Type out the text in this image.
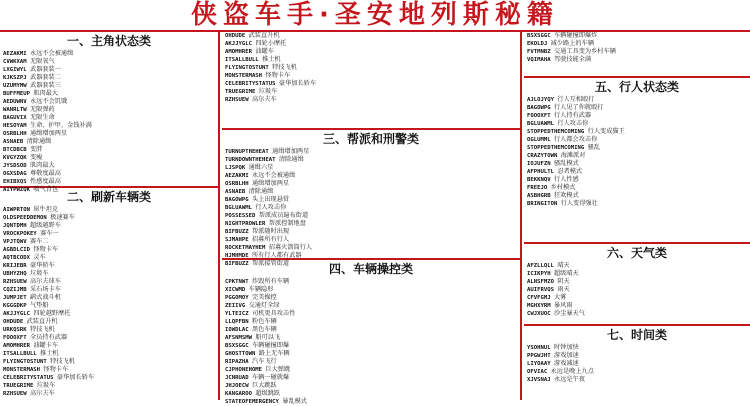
侠盗车手·圣安地列斯秘籍
一、主角状态类
AEZAKMI 永远不会被通缉
CVWKXAM 无限氧气
LXGIWYL 武器套装一
KJKSZPJ 武器套装二
UZUMYMW 武器套装三
BUFFMEUP 肌肉最大
AEDUWNV 永远不会饥饿
WANRLTW 无限弹药
BAGUVIX 无限生命
HESOYAM 生命、护甲、金钱补满
OSRBLHH 通缉增加两星
ASNAEB 清除通缉
BTCDBCB 变胖
KVGYZQK 变瘦
JYSDSOD 肌肉最大
OGXSDAG 尊敬度最高
EHIBXQS 性感度最高
AIYPWZQK 喷气背包
二、刷新车辆类
AIWPRTON 犀牛坦克
OLDSPEEDDEMON 极速赛车
JQNTDMH 超级越野车
VROCKPOKEY 赛车一
VPJTQWV 赛车二
AGBDLCID 怪物卡车
AQTBCODX 灵车
KRIJEBR 豪华轿车
UBHYZHQ 垃圾车
RZHSUEW 高尔夫球车
CQZIJMB 采石场卡车
JUMPJET 鹞式战斗机
KGGGDKP 气垫船
AKJJYGLC 四轮越野摩托
OHDUDE 武装直升机
URKQSRK 特技飞机
FOOOXFT 全员持有武器
AMOMHRER 油罐卡车
ITSALLBULL 推土机
FLYINGTOSTUNT 特技飞机
MONSTERMASH 怪物卡车
CELEBRITYSTATUS 豪华加长轿车
TRUEGRIME 垃圾车
RZHSUEW 高尔夫车
OHDUDE 武装直升机
AKJJYGLC 四轮小摩托
AMOMHRER 油罐车
ITSALLBULL 推土机
FLYINGTOSTUNT 特技飞机
MONSTERMASH 怪物卡车
CELEBRITYSTATUS 豪华加长轿车
TRUEGRIME 垃圾车
RZHSUEW 高尔夫车
三、帮派和刑警类
TURNUPTHEHEAT 通缉增加两星
TURNDOWNTHEHEAT 清除通缉
LJSPQK 通缉六星
AEZAKMI 永远不会被通缉
OSRBLHH 通缉增加两星
ASNAEB 清除通缉
BAGOWPG 头上出现悬赏
BGLUAWML 行人攻击你
POSSESSED 帮派成员遍布街道
NIGHTPROWLER 帮派控制地盘
BIFBUZZ 帮派随时出现
SJMAHPE 招募所有行人
ROCKETMAYHEM 招募火箭筒行人
HJMHMDE 所有行人都有武器
BIFBUZZ 帮派接管街道	四、车辆操控类
CPKTNWT 炸毁所有车辆
XICWMD 车辆隐形
PGGOMOY 完美操控
ZEIIVG 交通灯全绿
YLTEICZ 司机更具攻击性
LLQPFBN 粉色车辆
IOWDLAC 黑色车辆
AFSNMSMW 船可以飞
BSXSGGC 车辆碰撞即爆
GHOSTTOWN 路上无车辆
RIPAZHA 汽车飞行
CJPHONEHOME 巨大弹跳
JCNRUAD 车辆一碰就爆
JHJOECW 巨大跳跃
KANGAROO 超级跳跃
STATEOFEMERGENCY 暴乱模式
BSXSGGC 车辆碰撞即爆炸
EKOLDJ 减少路上的车辆
FVTMNBZ 交通工具变为乡村车辆
VQIMAHA 驾驶技能全满
五、行人状态类
AJLOJYQY 行人互相殴打
BAGOWPG 行人见了你就殴打
FOOOXFT 行人持有武器
BGLUAWML 行人攻击你
STOPPEDTHEMCOMING 行人变成猫王
OGLUMML 行人都会攻击你
STOPPEDTHEMCOMING 骚乱
CRAZYTOWN 海滩派对
IOJUFZN 骚乱模式
AFPHULTL 忍者模式
BEKKNQV 行人性感
FREEJO 乡村模式
ASBHGRB 狂欢模式
BRINGITON 行人变得强壮
六、天气类
AFZLLQLL 晴天
ICIKPYH 超级晴天
ALNSFMZO 阴天
AUIFRVQS 雨天
CFVFGMJ 大雾
MGHXYRM 暴风雨
CWJXUOC 沙尘暴天气
七、时间类
YSOHNUL 时钟加快
PPGWJHT 游戏加速
LIYOAAY 游戏减速
OFVIAC 永远是晚上九点
XJVSNAJ 永远是午夜
